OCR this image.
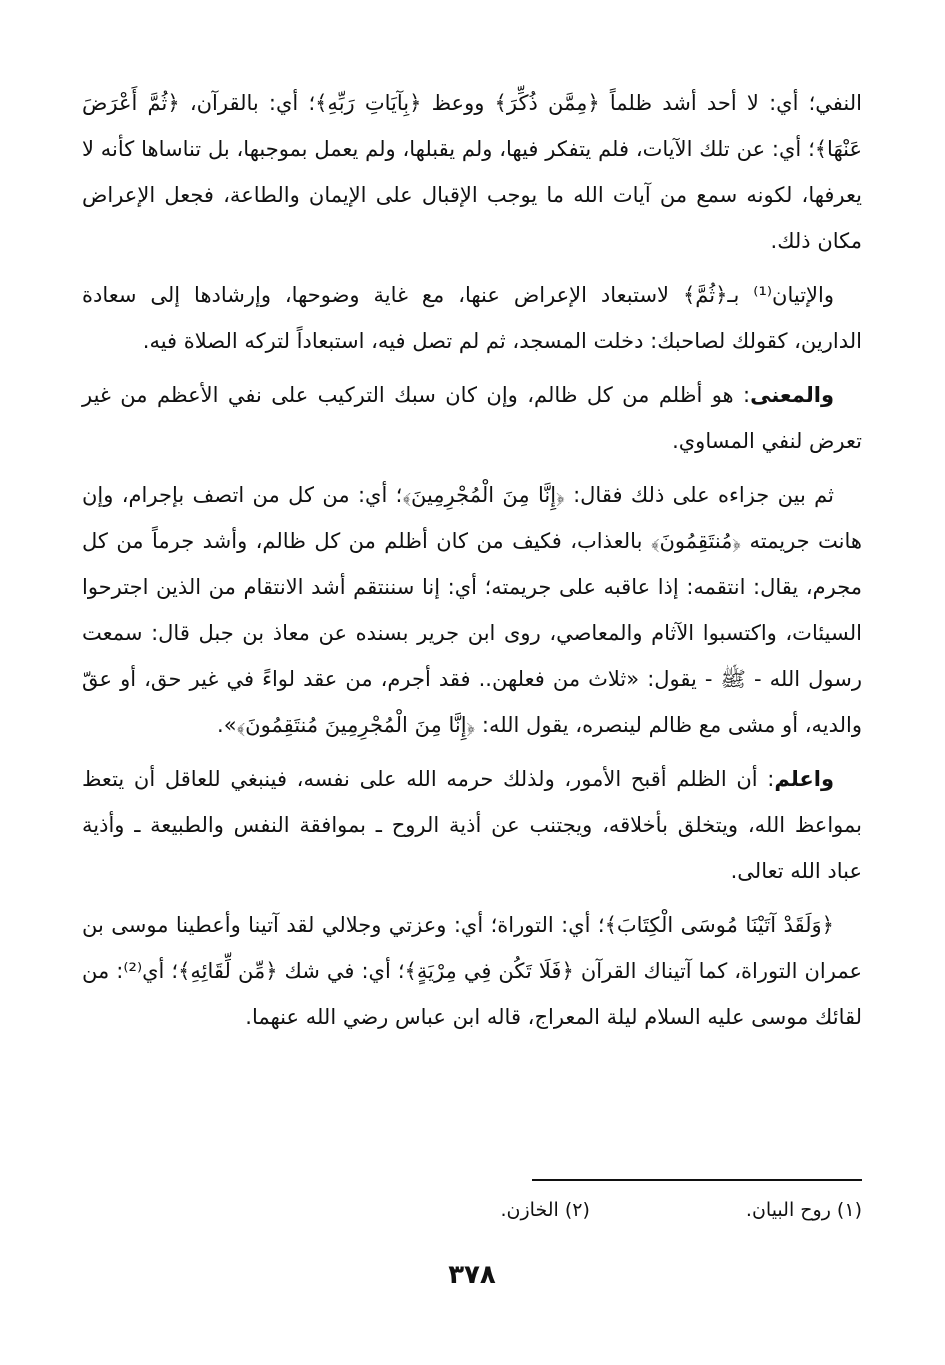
النفي؛ أي: لا أحد أشد ظلماً ﴿مِمَّن ذُكِّرَ﴾ ووعظ ﴿بِآيَاتِ رَبِّهِ﴾؛ أي: بالقرآن، ﴿ثُمَّ أَعْرَضَ عَنْهَا﴾؛ أي: عن تلك الآيات، فلم يتفكر فيها، ولم يقبلها، ولم يعمل بموجبها، بل تناساها كأنه لا يعرفها، لكونه سمع من آيات الله ما يوجب الإقبال على الإيمان والطاعة، فجعل الإعراض مكان ذلك.

والإتيان⁽¹⁾ بـ﴿ثُمَّ﴾ لاستبعاد الإعراض عنها، مع غاية وضوحها، وإرشادها إلى سعادة الدارين، كقولك لصاحبك: دخلت المسجد، ثم لم تصل فيه، استبعاداً لتركه الصلاة فيه.

والمعنى: هو أظلم من كل ظالم، وإن كان سبك التركيب على نفي الأعظم من غير تعرض لنفي المساوي.

ثم بين جزاءه على ذلك فقال: ﴿إِنَّا مِنَ الْمُجْرِمِينَ﴾؛ أي: من كل من اتصف بإجرام، وإن هانت جريمته ﴿مُنتَقِمُونَ﴾ بالعذاب، فكيف من كان أظلم من كل ظالم، وأشد جرماً من كل مجرم، يقال: انتقمه: إذا عاقبه على جريمته؛ أي: إنا سننتقم أشد الانتقام من الذين اجترحوا السيئات، واكتسبوا الآثام والمعاصي، روى ابن جرير بسنده عن معاذ بن جبل قال: سمعت رسول الله - ﷺ - يقول: «ثلاث من فعلهن.. فقد أجرم، من عقد لواءً في غير حق، أو عقّ والديه، أو مشى مع ظالم لينصره، يقول الله: ﴿إِنَّا مِنَ الْمُجْرِمِينَ مُنتَقِمُونَ﴾».

واعلم: أن الظلم أقبح الأمور، ولذلك حرمه الله على نفسه، فينبغي للعاقل أن يتعظ بمواعظ الله، ويتخلق بأخلاقه، ويجتنب عن أذية الروح ـ بموافقة النفس والطبيعة ـ وأذية عباد الله تعالى.

﴿وَلَقَدْ آتَيْنَا مُوسَى الْكِتَابَ﴾؛ أي: التوراة؛ أي: وعزتي وجلالي لقد آتينا وأعطينا موسى بن عمران التوراة، كما آتيناك القرآن ﴿فَلَا تَكُن فِي مِرْيَةٍ﴾؛ أي: في شك ﴿مِّن لِّقَائِهِ﴾؛ أي⁽²⁾: من لقائك موسى عليه السلام ليلة المعراج، قاله ابن عباس رضي الله عنهما.

(١) روح البيان. (٢) الخازن.
٣٧٨
